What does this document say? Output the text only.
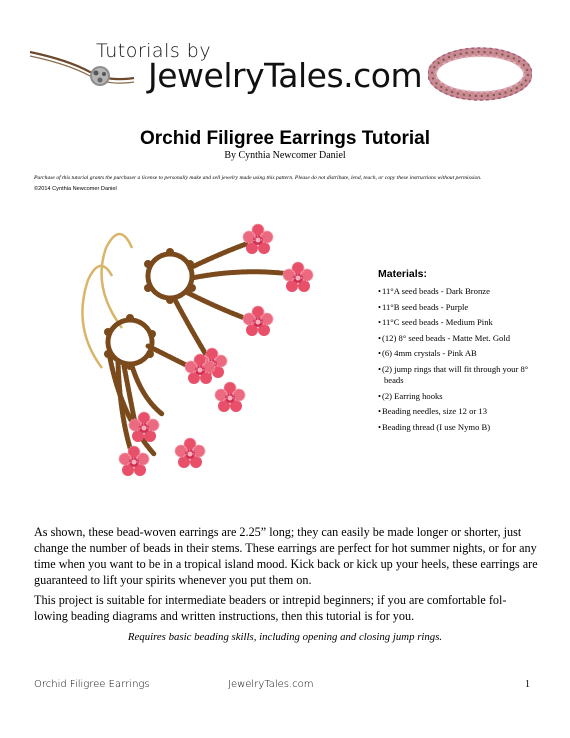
Tutorials by
JewelryTales.com
Orchid Filigree Earrings Tutorial
By Cynthia Newcomer Daniel
Purchase of this tutorial grants the purchaser a license to personally make and sell jewelry made using this pattern. Please do not distribute, lend, teach, or copy these instructions without permission.
©2014 Cynthia Newcomer Daniel
Materials:
• 11°A seed beads - Dark Bronze
• 11°B seed beads - Purple
• 11°C seed beads - Medium Pink
• (12) 8° seed beads - Matte Met. Gold
• (6) 4mm crystals - Pink AB
• (2) jump rings that will fit through your 8° beads
• (2) Earring hooks
• Beading needles, size 12 or 13
• Beading thread (I use Nymo B)

As shown, these bead-woven earrings are 2.25” long; they can easily be made longer or shorter, just change the number of beads in their stems. These earrings are perfect for hot summer nights, or for any time when you want to be in a tropical island mood. Kick back or kick up your heels, these earrings are guaranteed to lift your spirits whenever you put them on.

This project is suitable for intermediate beaders or intrepid beginners; if you are comfortable fol-lowing beading diagrams and written instructions, then this tutorial is for you.

Requires basic beading skills, including opening and closing jump rings.

Orchid Filigree Earrings	JewelryTales.com	1
